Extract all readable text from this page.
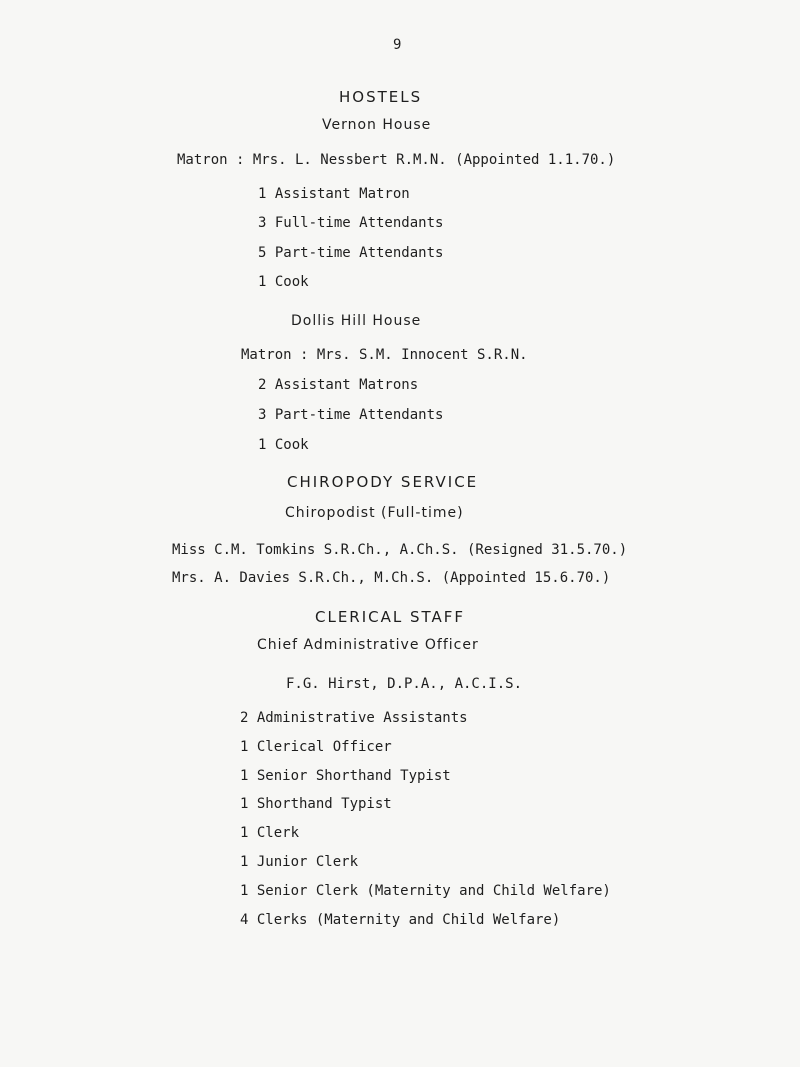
9
HOSTELS
Vernon House
Matron : Mrs. L. Nessbert R.M.N. (Appointed 1.1.70.)
1 Assistant Matron
3 Full-time Attendants
5 Part-time Attendants
1 Cook
Dollis Hill House
Matron : Mrs. S.M. Innocent S.R.N.
2 Assistant Matrons
3 Part-time Attendants
1 Cook
CHIROPODY SERVICE
Chiropodist (Full-time)
Miss C.M. Tomkins S.R.Ch., A.Ch.S. (Resigned 31.5.70.)
Mrs. A. Davies S.R.Ch., M.Ch.S. (Appointed 15.6.70.)
CLERICAL STAFF
Chief Administrative Officer
F.G. Hirst, D.P.A., A.C.I.S.
2 Administrative Assistants
1 Clerical Officer
1 Senior Shorthand Typist
1 Shorthand Typist
1 Clerk
1 Junior Clerk
1 Senior Clerk (Maternity and Child Welfare)
4 Clerks (Maternity and Child Welfare)
